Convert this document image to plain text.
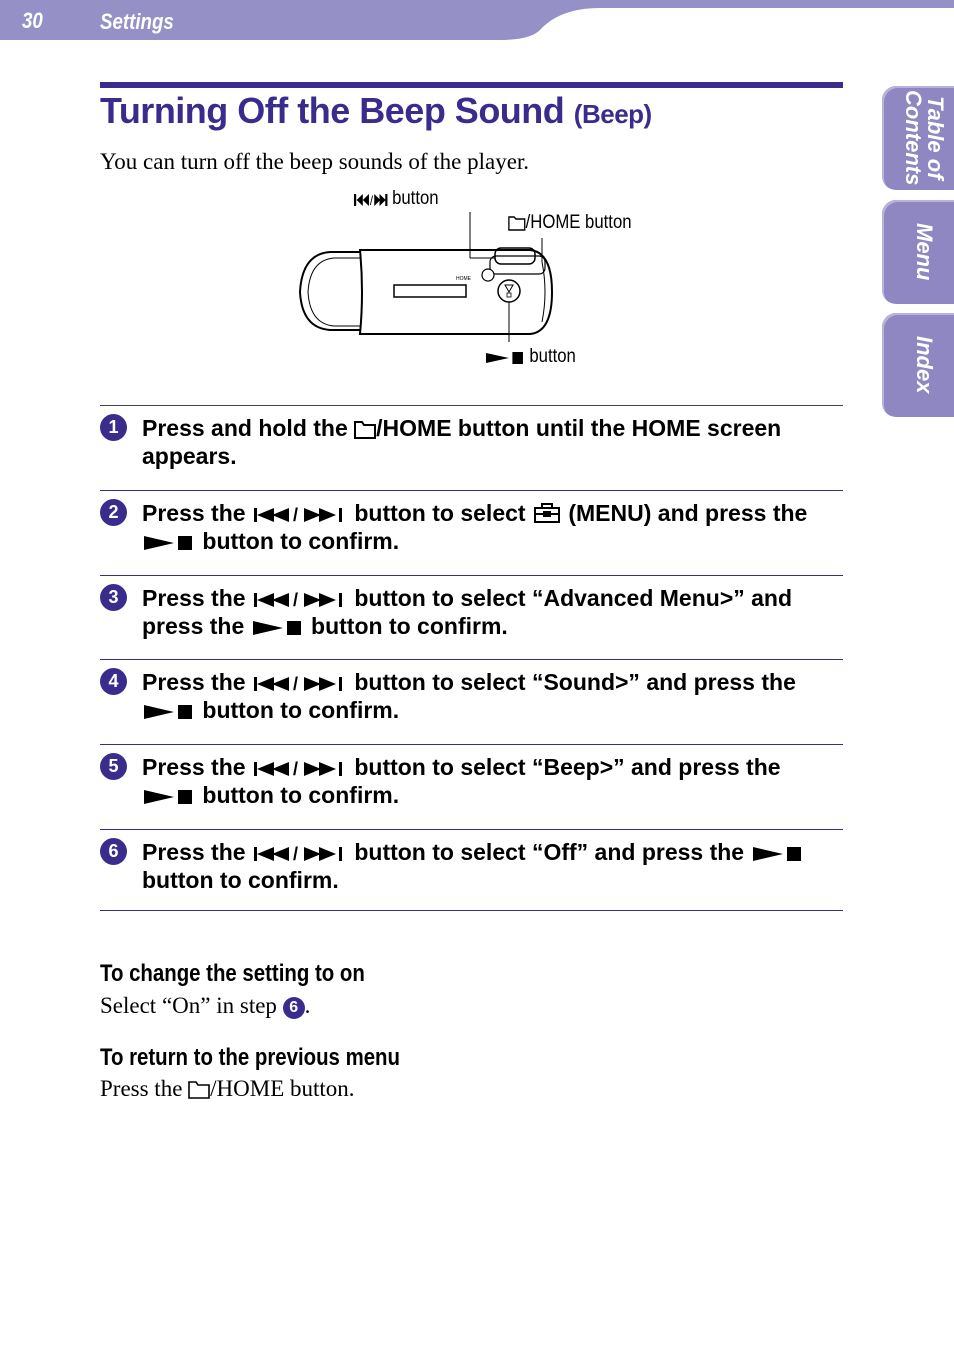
30	Settings
Table of Contents
Menu
Index
Turning Off the Beep Sound (Beep)
You can turn off the beep sounds of the player.
HOME
/ button
/HOME button
button
1	Press and hold the /HOME button until the HOME screen appears.
2	Press the / button to select  (MENU) and press the  button to confirm.
3	Press the / button to select “Advanced Menu>” and press the  button to confirm.
4	Press the / button to select “Sound>” and press the  button to confirm.
5	Press the / button to select “Beep>” and press the  button to confirm.
6	Press the / button to select “Off” and press the  button to confirm.
To change the setting to on
Select “On” in step 6 .
To return to the previous menu
Press the /HOME button.
